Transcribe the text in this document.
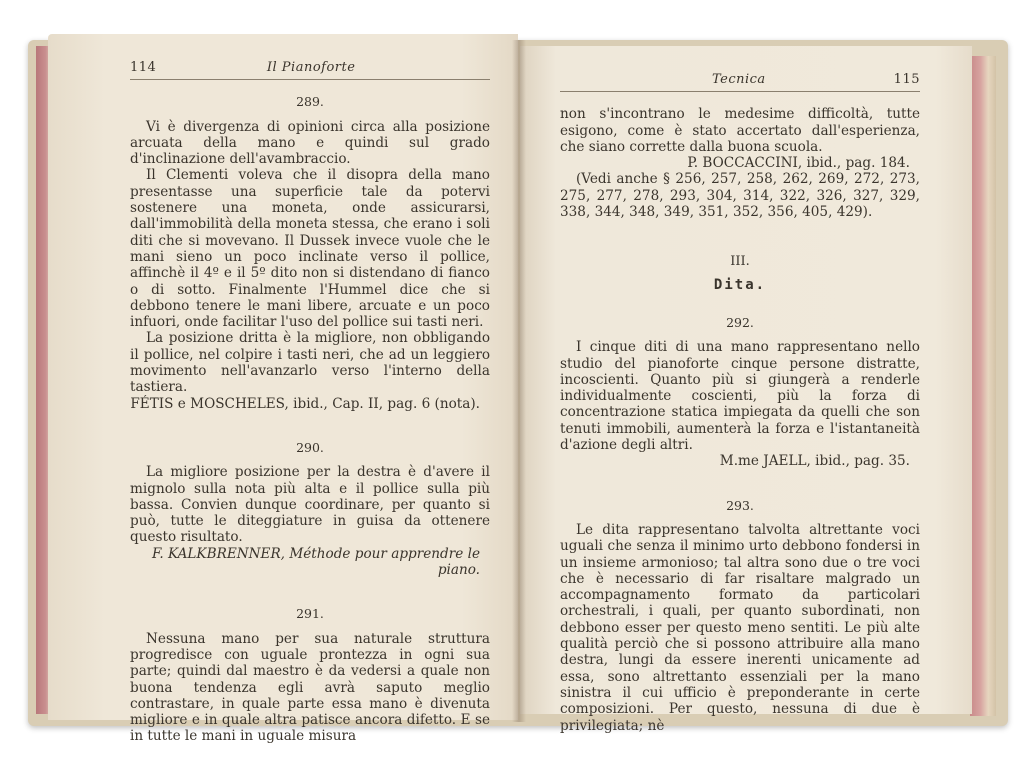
114	Il Pianoforte
289.

Vi è divergenza di opinioni circa alla posizione arcuata della mano e quindi sul grado d'inclinazione dell'avambraccio.

Il Clementi voleva che il disopra della mano presentasse una superficie tale da potervi sostenere una moneta, onde assicurarsi, dall'immobilità della moneta stessa, che erano i soli diti che si movevano. Il Dussek invece vuole che le mani sieno un poco inclinate verso il pollice, affinchè il 4º e il 5º dito non si distendano di fianco o di sotto. Finalmente l'Hummel dice che si debbono tenere le mani libere, arcuate e un poco infuori, onde facilitar l'uso del pollice sui tasti neri.

La posizione dritta è la migliore, non obbligando il pollice, nel colpire i tasti neri, che ad un leggiero movimento nell'avanzarlo verso l'interno della tastiera.

FÉTIS e MOSCHELES, ibid., Cap. II, pag. 6 (nota).

290.

La migliore posizione per la destra è d'avere il mignolo sulla nota più alta e il pollice sulla più bassa. Convien dunque coordinare, per quanto si può, tutte le diteggiature in guisa da ottenere questo risultato.

F. KALKBRENNER, Méthode pour apprendre le piano.

291.

Nessuna mano per sua naturale struttura progredisce con uguale prontezza in ogni sua parte; quindi dal maestro è da vedersi a quale non buona tendenza egli avrà saputo meglio contrastare, in quale parte essa mano è divenuta migliore e in quale altra patisce ancora difetto. E se in tutte le mani in uguale misura

Tecnica	115

non s'incontrano le medesime difficoltà, tutte esigono, come è stato accertato dall'esperienza, che siano corrette dalla buona scuola.

P. BOCCACCINI, ibid., pag. 184.

(Vedi anche § 256, 257, 258, 262, 269, 272, 273, 275, 277, 278, 293, 304, 314, 322, 326, 327, 329, 338, 344, 348, 349, 351, 352, 356, 405, 429).

III.
Dita.
292.

I cinque diti di una mano rappresentano nello studio del pianoforte cinque persone distratte, incoscienti. Quanto più si giungerà a renderle individualmente coscienti, più la forza di concentrazione statica impiegata da quelli che son tenuti immobili, aumenterà la forza e l'istantaneità d'azione degli altri.

M.me JAELL, ibid., pag. 35.

293.

Le dita rappresentano talvolta altrettante voci uguali che senza il minimo urto debbono fondersi in un insieme armonioso; tal altra sono due o tre voci che è necessario di far risaltare malgrado un accompagnamento formato da particolari orchestrali, i quali, per quanto subordinati, non debbono esser per questo meno sentiti. Le più alte qualità perciò che si possono attribuire alla mano destra, lungi da essere inerenti unicamente ad essa, sono altrettanto essenziali per la mano sinistra il cui ufficio è preponderante in certe composizioni. Per questo, nessuna di due è privilegiata; nè
